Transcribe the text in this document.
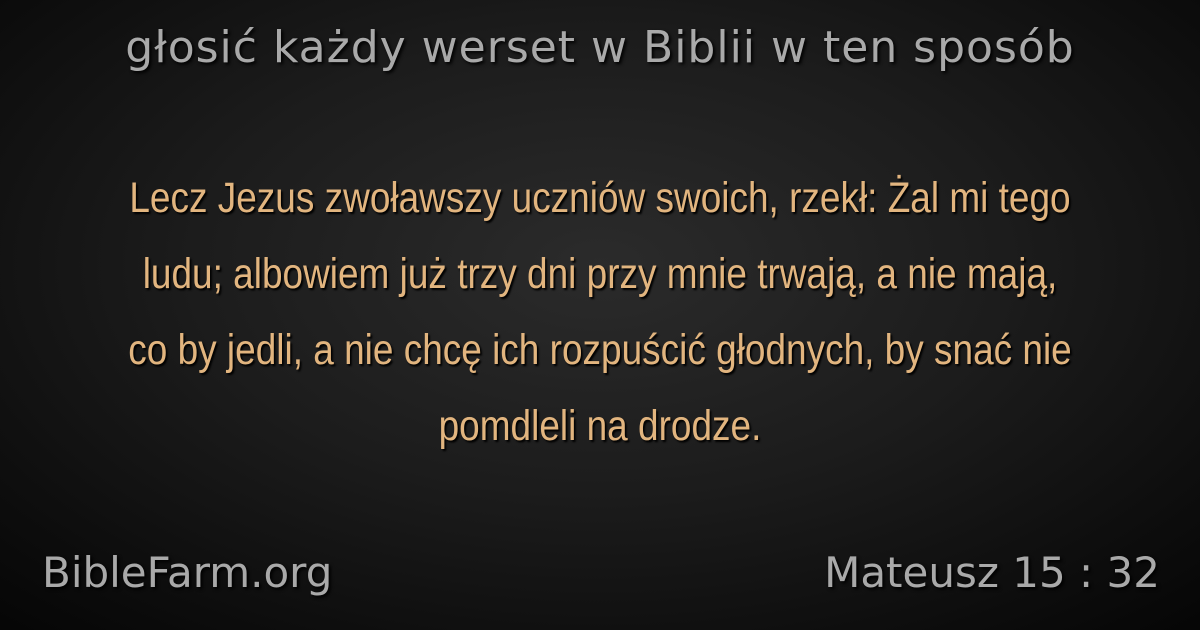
głosić każdy werset w Biblii w ten sposób
Lecz Jezus zwoławszy uczniów swoich, rzekł: Żal mi tego ludu; albowiem już trzy dni przy mnie trwają, a nie mają, co by jedli, a nie chcę ich rozpuścić głodnych, by snać nie pomdleli na drodze.
BibleFarm.org	Mateusz 15 : 32
